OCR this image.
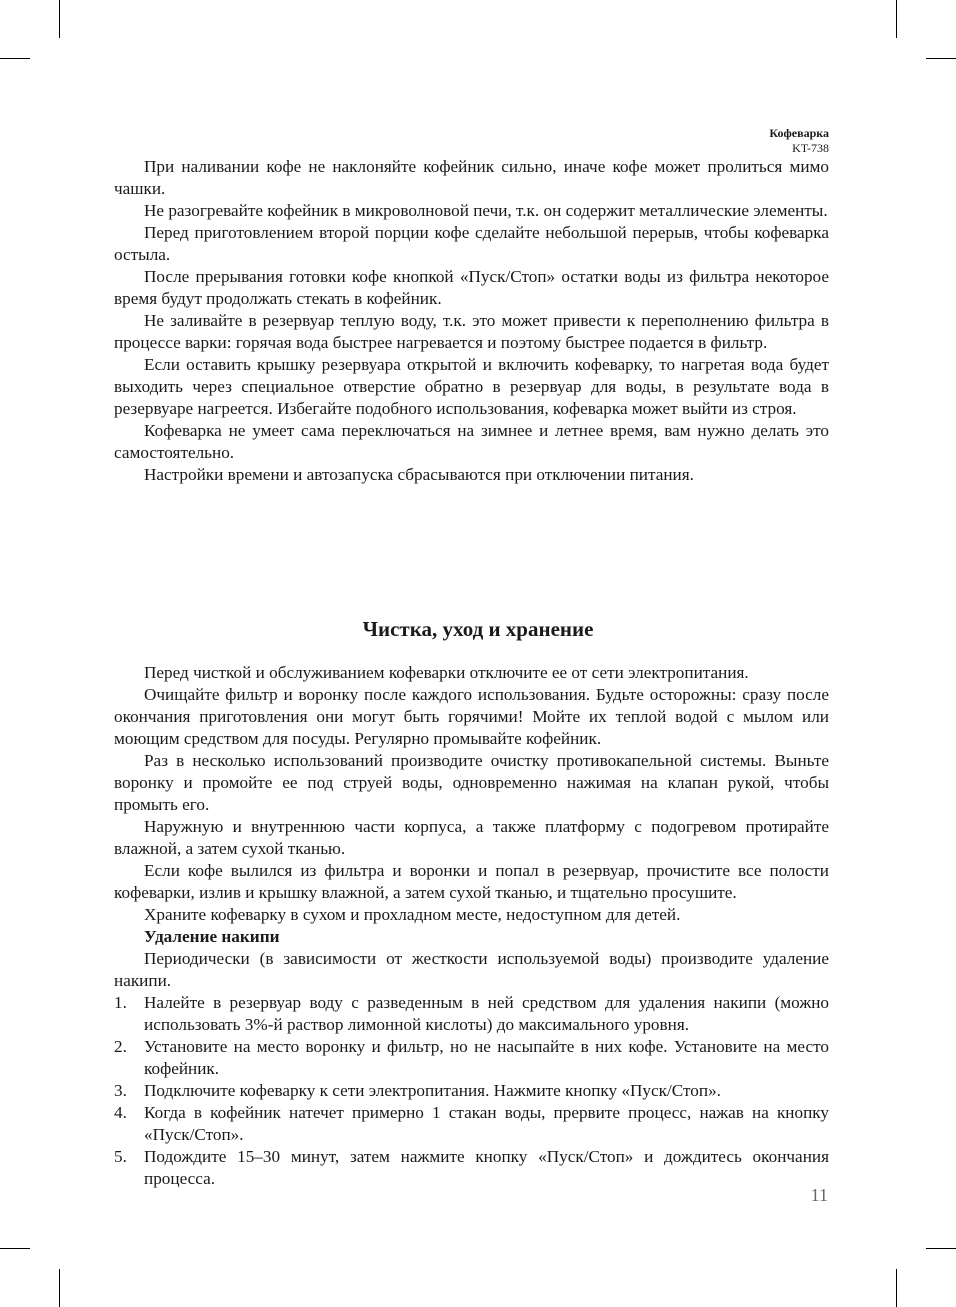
Кофеварка
KT-738

При наливании кофе не наклоняйте кофейник сильно, иначе кофе может пролиться мимо чашки.

Не разогревайте кофейник в микроволновой печи, т.к. он содержит металлические элементы.

Перед приготовлением второй порции кофе сделайте небольшой перерыв, чтобы кофеварка остыла.

После прерывания готовки кофе кнопкой «Пуск/Стоп» остатки воды из фильтра некоторое время будут продолжать стекать в кофейник.

Не заливайте в резервуар теплую воду, т.к. это может привести к переполнению фильтра в процессе варки: горячая вода быстрее нагревается и поэтому быстрее подается в фильтр.

Если оставить крышку резервуара открытой и включить кофеварку, то нагретая вода будет выходить через специальное отверстие обратно в резервуар для воды, в результате вода в резервуаре нагреется. Избегайте подобного использования, кофеварка может выйти из строя.

Кофеварка не умеет сама переключаться на зимнее и летнее время, вам нужно делать это самостоятельно.

Настройки времени и автозапуска сбрасываются при отключении питания.

Чистка, уход и хранение

Перед чисткой и обслуживанием кофеварки отключите ее от сети электропитания.

Очищайте фильтр и воронку после каждого использования. Будьте осторожны: сразу после окончания приготовления они могут быть горячими! Мойте их теплой водой с мылом или моющим средством для посуды. Регулярно промывайте кофейник.

Раз в несколько использований производите очистку противокапельной системы. Выньте воронку и промойте ее под струей воды, одновременно нажимая на клапан рукой, чтобы промыть его.

Наружную и внутреннюю части корпуса, а также платформу с подогревом протирайте влажной, а затем сухой тканью.

Если кофе вылился из фильтра и воронки и попал в резервуар, прочистите все полости кофеварки, излив и крышку влажной, а затем сухой тканью, и тщательно просушите.

Храните кофеварку в сухом и прохладном месте, недоступном для детей.

Удаление накипи

Периодически (в зависимости от жесткости используемой воды) производите удаление накипи.

1. Налейте в резервуар воду с разведенным в ней средством для удаления накипи (можно использовать 3%-й раствор лимонной кислоты) до максимального уровня.
2. Установите на место воронку и фильтр, но не насыпайте в них кофе. Установите на место кофейник.
3. Подключите кофеварку к сети электропитания. Нажмите кнопку «Пуск/Стоп».
4. Когда в кофейник натечет примерно 1 стакан воды, прервите процесс, нажав на кнопку «Пуск/Стоп».
5. Подождите 15–30 минут, затем нажмите кнопку «Пуск/Стоп» и дождитесь окончания процесса.
11
